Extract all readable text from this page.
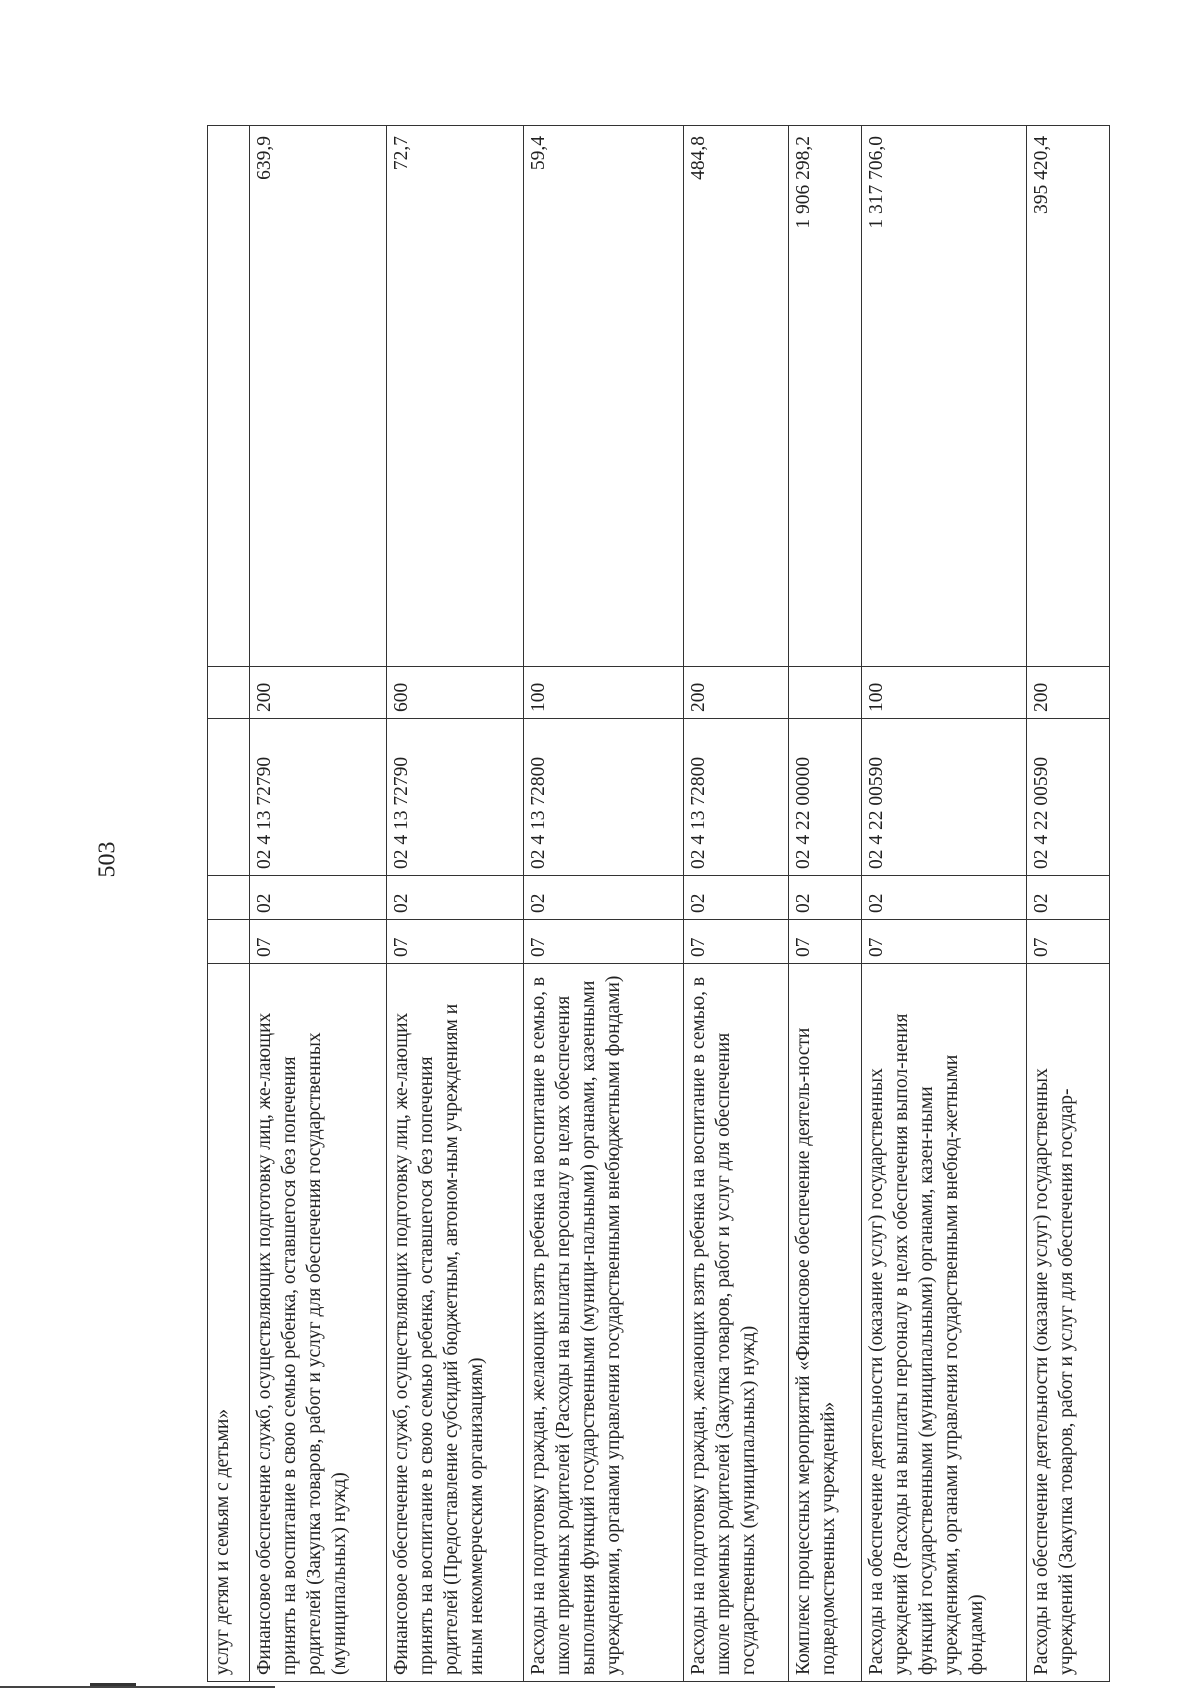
503
услуг детям и семьям с детьми»					
Финансовое обеспечение служб, осуществляющих подготовку лиц, же-лающих принять на воспитание в свою семью ребенка, оставшегося без попечения родителей (Закупка товаров, работ и услуг для обеспечения государственных (муниципальных) нужд)	07	02	02 4 13 72790	200	639,9
Финансовое обеспечение служб, осуществляющих подготовку лиц, же-лающих принять на воспитание в свою семью ребенка, оставшегося без попечения родителей (Предоставление субсидий бюджетным, автоном-ным учреждениям и иным некоммерческим организациям)	07	02	02 4 13 72790	600	72,7
Расходы на подготовку граждан, желающих взять ребенка на воспитание в семью, в школе приемных родителей (Расходы на выплаты персоналу в целях обеспечения выполнения функций государственными (муници-пальными) органами, казенными учреждениями, органами управления государственными внебюджетными фондами)	07	02	02 4 13 72800	100	59,4
Расходы на подготовку граждан, желающих взять ребенка на воспитание в семью, в школе приемных родителей (Закупка товаров, работ и услуг для обеспечения государственных (муниципальных) нужд)	07	02	02 4 13 72800	200	484,8
Комплекс процессных мероприятий «Финансовое обеспечение деятель-ности подведомственных учреждений»	07	02	02 4 22 00000		1 906 298,2
Расходы на обеспечение деятельности (оказание услуг) государственных учреждений (Расходы на выплаты персоналу в целях обеспечения выпол-нения функций государственными (муниципальными) органами, казен-ными учреждениями, органами управления государственными внебюд-жетными фондами)	07	02	02 4 22 00590	100	1 317 706,0
Расходы на обеспечение деятельности (оказание услуг) государственных учреждений (Закупка товаров, работ и услуг для обеспечения государ-	07	02	02 4 22 00590	200	395 420,4
